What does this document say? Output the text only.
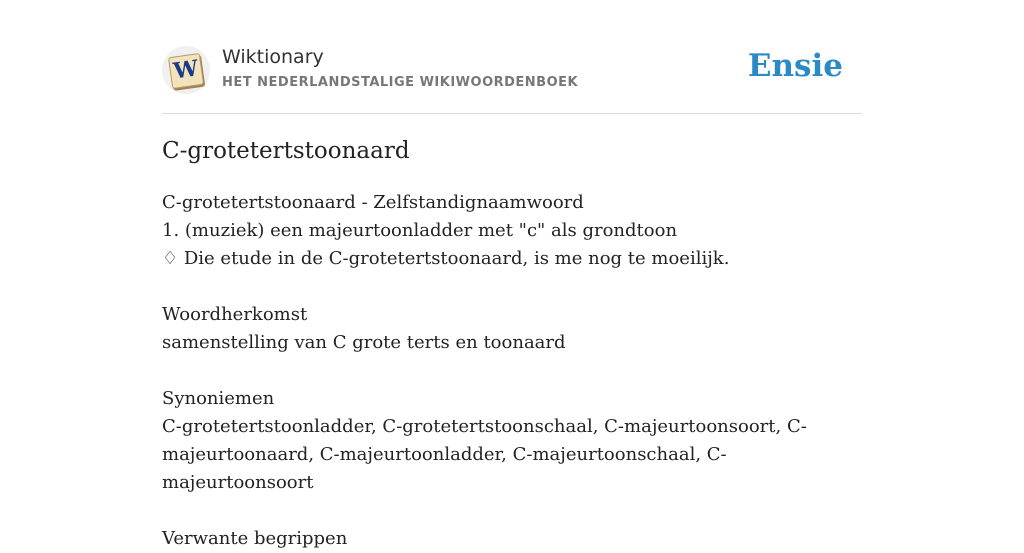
W Wiktionary
HET NEDERLANDSTALIGE WIKIWOORDENBOEK	Ensie
C-grotetertstoonaard

C-grotetertstoonaard - Zelfstandignaamwoord

1. (muziek) een majeurtoonladder met "c" als grondtoon

♢ Die etude in de C-grotetertstoonaard, is me nog te moeilijk.

Woordherkomst

samenstelling van C grote terts en toonaard

Synoniemen

C-grotetertstoonladder, C-grotetertstoonschaal, C-majeurtoonsoort, C-

majeurtoonaard, C-majeurtoonladder, C-majeurtoonschaal, C-majeurtoonsoort

Verwante begrippen
